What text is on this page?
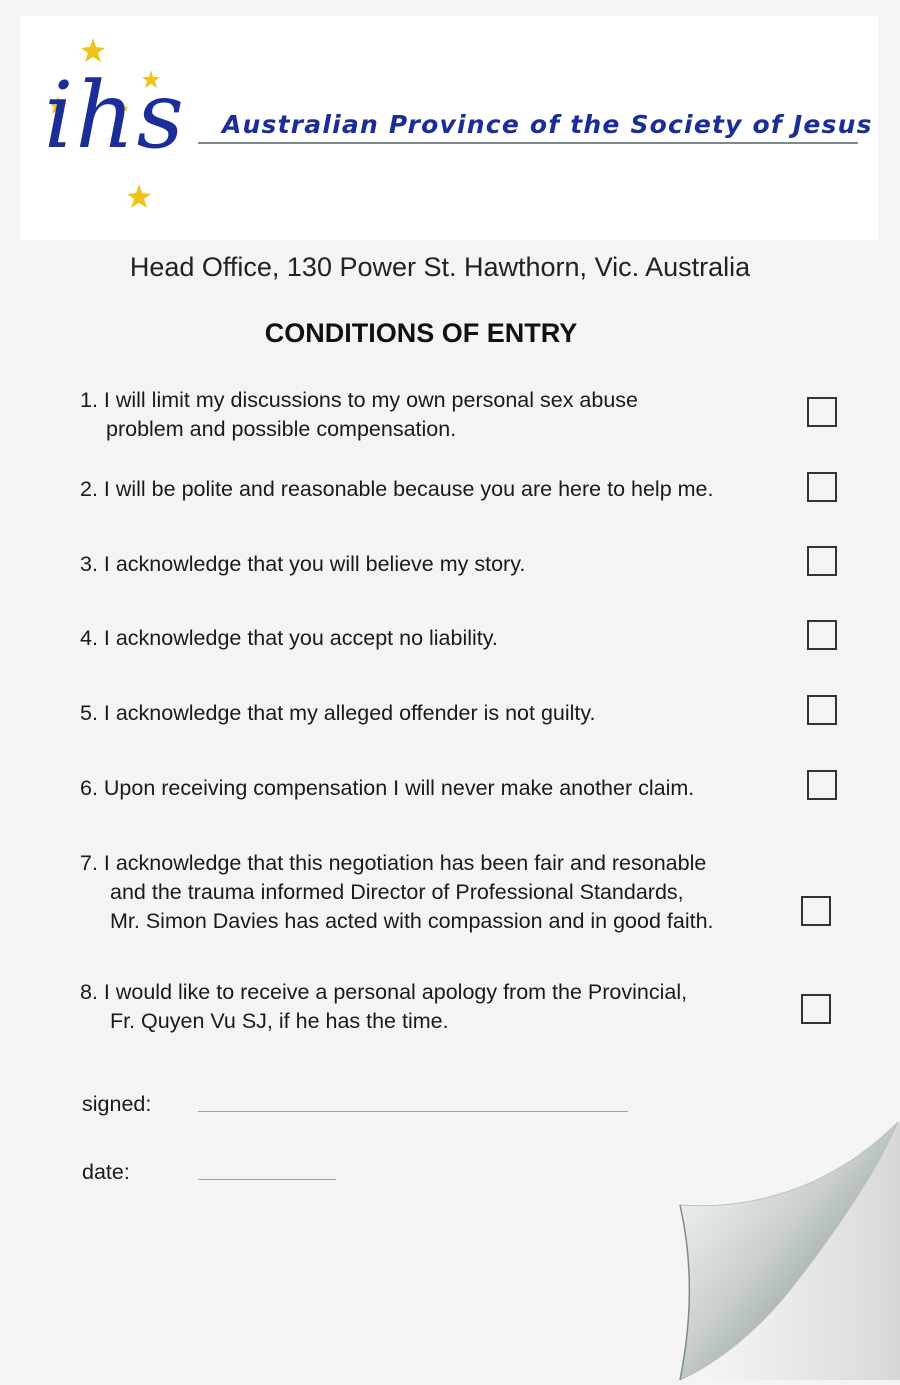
ihs Australian Province of the Society of Jesus
Head Office, 130 Power St. Hawthorn, Vic. Australia
CONDITIONS OF ENTRY
1. I will limit my discussions to my own personal sex abuse
problem and possible compensation.
2. I will be polite and reasonable because you are here to help me.
3. I acknowledge that you will believe my story.
4. I acknowledge that you accept no liability.
5. I acknowledge that my alleged offender is not guilty.
6. Upon receiving compensation I will never make another claim.
7. I acknowledge that this negotiation has been fair and resonable
and the trauma informed Director of Professional Standards,
Mr. Simon Davies has acted with compassion and in good faith.
8. I would like to receive a personal apology from the Provincial,
Fr. Quyen Vu SJ, if he has the time.
signed:
date:
